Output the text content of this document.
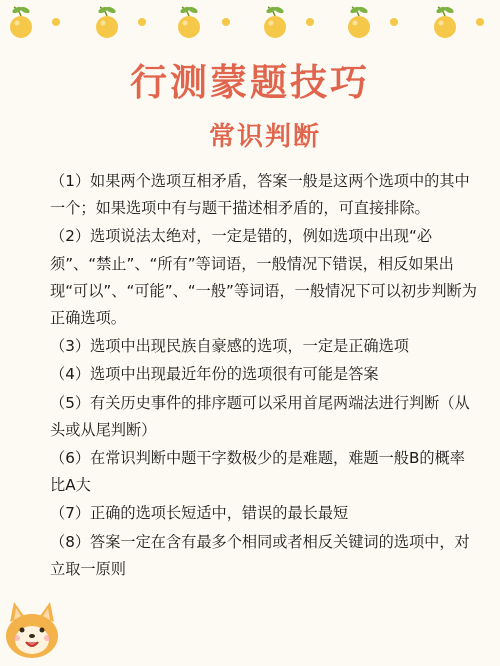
行测蒙题技巧
常识判断
（1）如果两个选项互相矛盾，答案一般是这两个选项中的其中一个；如果选项中有与题干描述相矛盾的，可直接排除。
（2）选项说法太绝对，一定是错的，例如选项中出现“必须”、“禁止”、“所有”等词语，一般情况下错误，相反如果出现“可以”、“可能”、“一般”等词语，一般情况下可以初步判断为正确选项。
（3）选项中出现民族自豪感的选项，一定是正确选项
（4）选项中出现最近年份的选项很有可能是答案
（5）有关历史事件的排序题可以采用首尾两端法进行判断（从头或从尾判断）
（6）在常识判断中题干字数极少的是难题，难题一般B的概率比A大
（7）正确的选项长短适中，错误的最长最短
（8）答案一定在含有最多个相同或者相反关键词的选项中，对立取一原则
